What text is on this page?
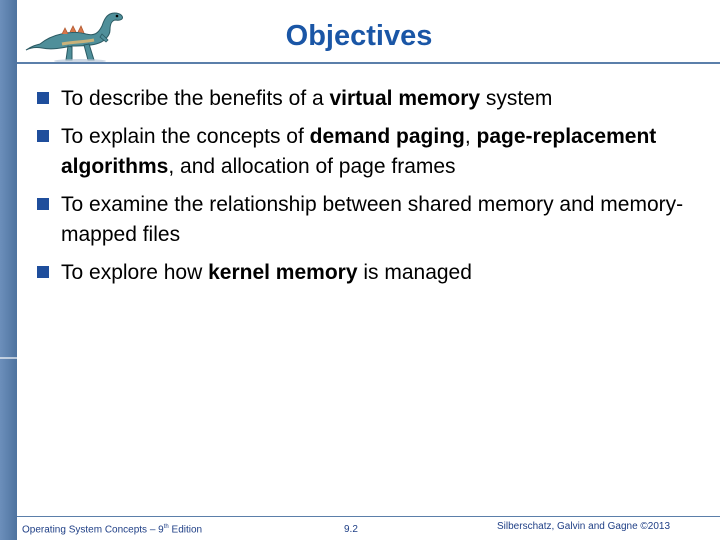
Objectives
To describe the benefits of a virtual memory system
To explain the concepts of demand paging, page-replacement algorithms, and allocation of page frames
To examine the relationship between shared memory and memory-mapped files
To explore how kernel memory is managed
Operating System Concepts – 9th Edition	9.2	Silberschatz, Galvin and Gagne ©2013
